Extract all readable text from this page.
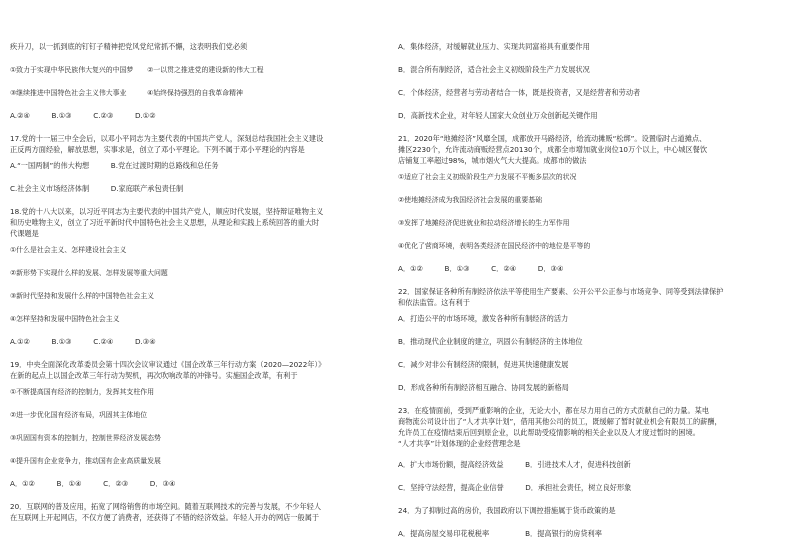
疾升刀，以一抓到底的钉钉子精神把党风党纪常抓不懈，这表明我们党必须
①致力于实现中华民族伟大复兴的中国梦　　②一以贯之推进党的建设新的伟大工程
③继续推进中国特色社会主义伟大事业　　　④始终保持强烈的自我革命精神
A.②④　　　B.①③　　　C.②③　　　D.①②
17.党的十一届三中全会后，以邓小平同志为主要代表的中国共产党人，深刻总结我国社会主义建设
正反两方面经验，解放思想，实事求是，创立了邓小平理论。下列不属于邓小平理论的内容是
A.“一国两制”的伟大构想　　　B.党在过渡时期的总路线和总任务
C.社会主义市场经济体制　　　D.家庭联产承包责任制
18.党的十八大以来，以习近平同志为主要代表的中国共产党人，顺应时代发展，坚持辩证唯物主义
和历史唯物主义，创立了习近平新时代中国特色社会主义思想，从理论和实践上系统回答的重大时
代课题是
①什么是社会主义、怎样建设社会主义
②新形势下实现什么样的发展、怎样发展等重大问题
③新时代坚持和发展什么样的中国特色社会主义
④怎样坚持和发展中国特色社会主义
A.①②　　　B.①③　　　C.②④　　　D.③④
19．中央全面深化改革委员会第十四次会议审议通过《国企改革三年行动方案（2020—2022年）》
在新的起点上以国企改革三年行动为契机，再次吹响改革的冲锋号。实施国企改革，有利于
①不断提高国有经济的控制力，发挥其支柱作用
②进一步优化国有经济布局，巩固其主体地位
③巩固国有资本的控制力，控制世界经济发展态势
④提升国有企业竞争力，推动国有企业高质量发展
A．①②　　　B．①④　　　C．②③　　　D．③④
20．互联网的普及应用，拓宽了网络销售的市场空间。随着互联网技术的完善与发展，不少年轻人
在互联网上开起网店，不仅方便了消费者，还获得了不错的经济效益。年轻人开办的网店一般属于
A．集体经济，对缓解就业压力、实现共同富裕具有重要作用
B．混合所有制经济，适合社会主义初级阶段生产力发展状况
C．个体经济，经营者与劳动者结合一体，既是投资者，又是经营者和劳动者
D．高新技术企业，对年轻人国家大众创业万众创新起关键作用
21．2020年“地摊经济”风靡全国，成都放开马路经济，给流动摊贩“松绑”。设置临时占道摊点、
摊区2230个，允许流动商贩经营点20130个，成都全市增加就业岗位10万个以上，中心城区餐饮
店铺复工率超过98%，城市烟火气大大提高。成都市的做法
①适应了社会主义初级阶段生产力发展不平衡多层次的状况
②使地摊经济成为我国经济社会发展的重要基础
③发挥了地摊经济促进就业和拉动经济增长的生力军作用
④优化了营商环境，表明各类经济在国民经济中的地位是平等的
A．①②　　　B．①③　　　C．②④　　　D．③④
22．国家保证各种所有制经济依法平等使用生产要素、公开公平公正参与市场竞争、同等受到法律保护
和依法监管。这有利于
A．打造公平的市场环境，激发各种所有制经济的活力
B．推动现代企业制度的建立，巩固公有制经济的主体地位
C．减少对非公有制经济的限制，促进其快速健康发展
D．形成各种所有制经济相互融合、协同发展的新格局
23．在疫情面前，受到严重影响的企业，无论大小，都在尽力用自己的方式贡献自己的力量。某电
商物流公司设计出了“人才共享计划”，借用其他公司的员工，既缓解了暂时就业机会有限员工的薪酬，
允许员工在疫情结束后回到原企业，以此帮助受疫情影响的相关企业以及人才度过暂时的困境。
“人才共享”计划体现的企业经营理念是
A．扩大市场份额，提高经济效益　　　B．引进技术人才，促进科技创新
C．坚持守法经营，提高企业信誉　　　D．承担社会责任，树立良好形象
24．为了抑制过高的房价，我国政府以下调控措施属于货币政策的是
A．提高房屋交易印花税税率　　　　　B．提高银行的房贷利率
